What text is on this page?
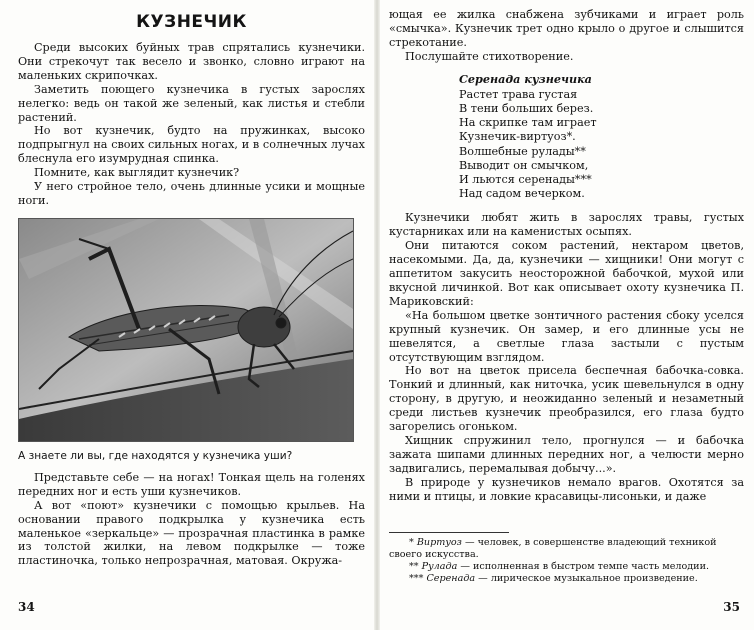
КУЗНЕЧИК

Среди высоких буйных трав спрятались кузнечики. Они стрекочут так весело и звонко, словно играют на маленьких скрипочках.

Заметить поющего кузнечика в густых зарослях нелегко: ведь он такой же зеленый, как листья и стебли растений.

Но вот кузнечик, будто на пружинках, высоко подпрыгнул на своих сильных ногах, и в солнечных лучах блеснула его изумрудная спинка.

Помните, как выглядит кузнечик?

У него стройное тело, очень длинные усики и мощные ноги.

А знаете ли вы, где находятся у кузнечика уши?

Представьте себе — на ногах! Тонкая щель на голенях передних ног и есть уши кузнечиков.

А вот «поют» кузнечики с помощью крыльев. На основании правого подкрылка у кузнечика есть маленькое «зеркальце» — прозрачная пластинка в рамке из толстой жилки, на левом подкрылке — тоже пластиночка, только непрозрачная, матовая. Окружа-

ющая ее жилка снабжена зубчиками и играет роль «смычка». Кузнечик трет одно крыло о другое и слышится стрекотание.

Послушайте стихотворение.

Серенада кузнечика
Растет трава густая
В тени больших берез.
На скрипке там играет
Кузнечик-виртуоз*.
Волшебные рулады**
Выводит он смычком,
И льются серенады***
Над садом вечерком.

Кузнечики любят жить в зарослях травы, густых кустарниках или на каменистых осыпях.

Они питаются соком растений, нектаром цветов, насекомыми. Да, да, кузнечики — хищники! Они могут с аппетитом закусить неосторожной бабочкой, мухой или вкусной личинкой. Вот как описывает охоту кузнечика П. Мариковский:

«На большом цветке зонтичного растения сбоку уселся крупный кузнечик. Он замер, и его длинные усы не шевелятся, а светлые глаза застыли с пустым отсутствующим взглядом.

Но вот на цветок присела беспечная бабочка-совка. Тонкий и длинный, как ниточка, усик шевельнулся в одну сторону, в другую, и неожиданно зеленый и незаметный среди листьев кузнечик преобразился, его глаза будто загорелись огоньком.

Хищник спружинил тело, прогнулся — и бабочка зажата шипами длинных передних ног, а челюсти мерно задвигались, перемалывая добычу...».

В природе у кузнечиков немало врагов. Охотятся за ними и птицы, и ловкие красавицы-лисоньки, и даже

* Виртуоз — человек, в совершенстве владеющий техникой своего искусства.
** Рулада — исполненная в быстром темпе часть мелодии.
*** Серенада — лирическое музыкальное произведение.
34	35
